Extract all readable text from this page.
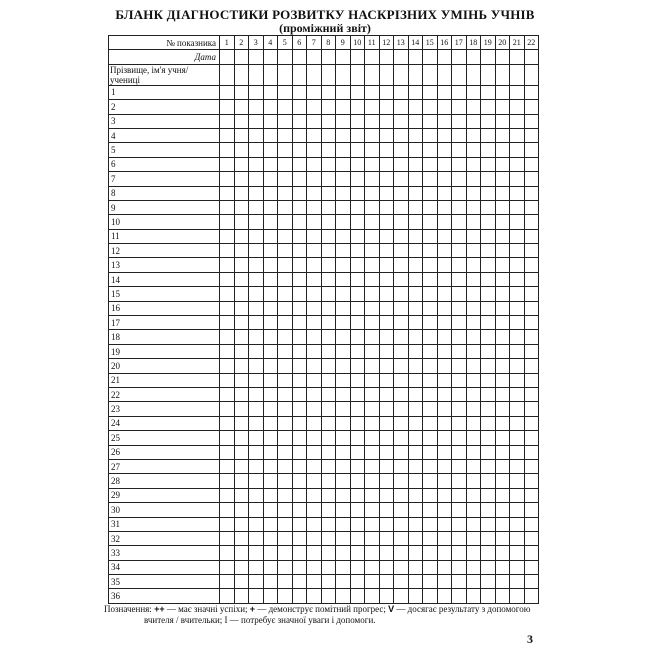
БЛАНК ДІАГНОСТИКИ РОЗВИТКУ НАСКРІЗНИХ УМІНЬ УЧНІВ
(проміжний звіт)
№ показника	1	2	3	4	5	6	7	8	9	10	11	12	13	14	15	16	17	18	19	20	21	22
Дата																						
Прізвище, ім'я учня/ учениці																						
1																						
2																						
3																						
4																						
5																						
6																						
7																						
8																						
9																						
10																						
11																						
12																						
13																						
14																						
15																						
16																						
17																						
18																						
19																						
20																						
21																						
22																						
23																						
24																						
25																						
26																						
27																						
28																						
29																						
30																						
31																						
32																						
33																						
34																						
35																						
36																						
Позначення: ++ — має значні успіхи; + — демонструє помітний прогрес; V — досягає результату з допомогою
вчителя / вчительки; І — потребує значної уваги і допомоги.
3
